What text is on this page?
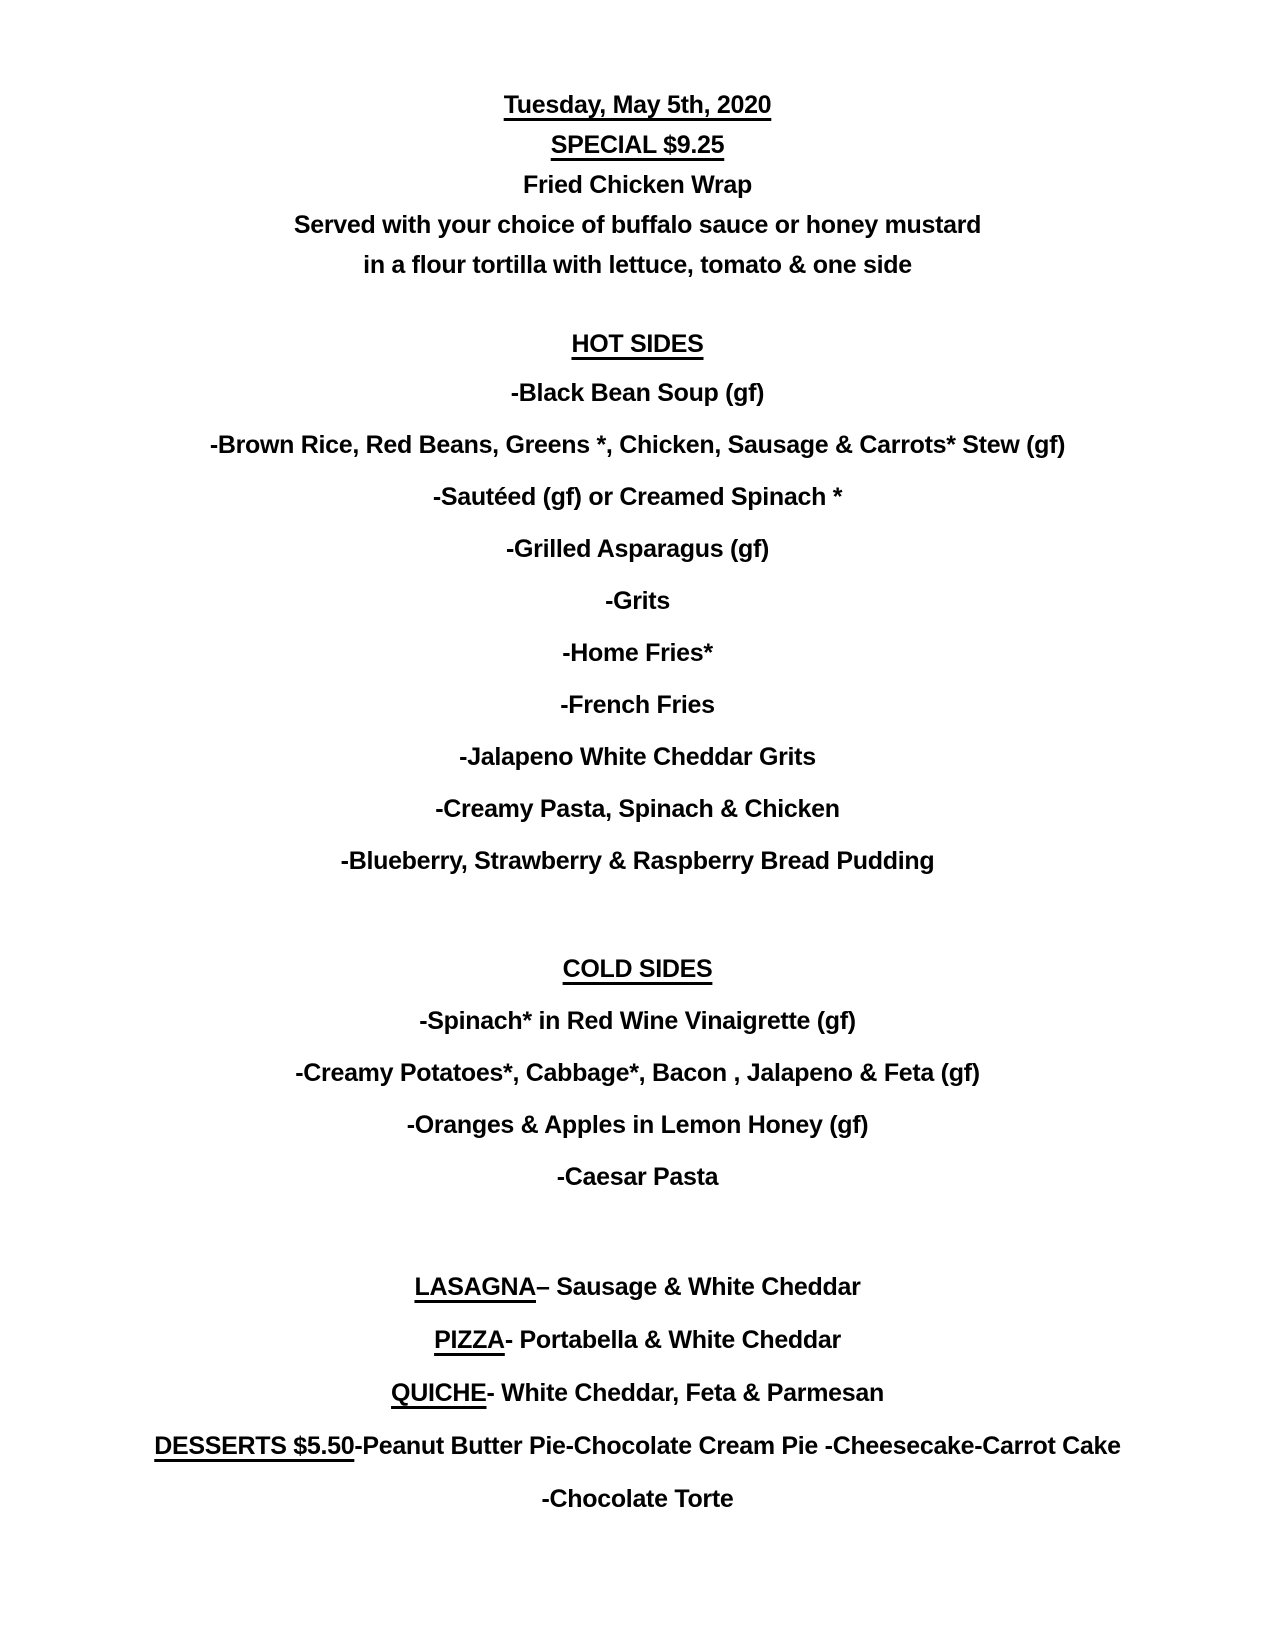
Tuesday, May 5th, 2020
SPECIAL $9.25
Fried Chicken Wrap
Served with your choice of buffalo sauce or honey mustard
in a flour tortilla with lettuce, tomato & one side
HOT SIDES
-Black Bean Soup (gf)
-Brown Rice, Red Beans, Greens *, Chicken, Sausage & Carrots* Stew (gf)
-Sautéed (gf) or Creamed Spinach *
-Grilled Asparagus (gf)
-Grits
-Home Fries*
-French Fries
-Jalapeno White Cheddar Grits
-Creamy Pasta, Spinach & Chicken
-Blueberry, Strawberry & Raspberry Bread Pudding
COLD SIDES
-Spinach* in Red Wine Vinaigrette (gf)
-Creamy Potatoes*, Cabbage*, Bacon , Jalapeno & Feta (gf)
-Oranges & Apples in Lemon Honey (gf)
-Caesar Pasta
LASAGNA– Sausage & White Cheddar
PIZZA- Portabella & White Cheddar
QUICHE- White Cheddar, Feta & Parmesan
DESSERTS $5.50-Peanut Butter Pie-Chocolate Cream Pie -Cheesecake-Carrot Cake
-Chocolate Torte
